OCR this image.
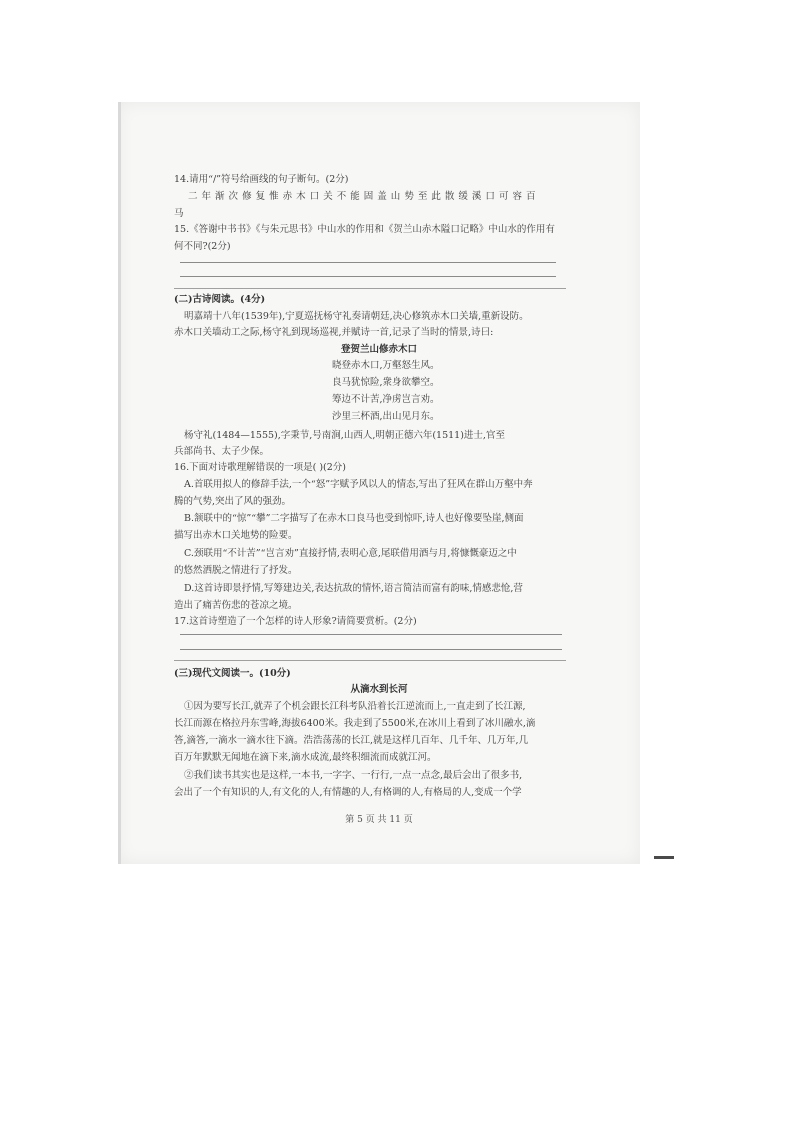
14.请用“/”符号给画线的句子断句。(2分)
二 年 渐 次 修 复 惟 赤 木 口 关 不 能 固 盖 山 势 至 此 散 缓 溪 口 可 容 百
马
15.《答谢中书书》《与朱元思书》中山水的作用和《贺兰山赤木隘口记略》中山水的作用有
何不同?(2分)
(二)古诗阅读。(4分)
明嘉靖十八年(1539年),宁夏巡抚杨守礼奏请朝廷,决心修筑赤木口关墙,重新设防。
赤木口关墙动工之际,杨守礼到现场巡视,并赋诗一首,记录了当时的情景,诗曰:
登贺兰山修赤木口
晓登赤木口,万壑怒生风。
良马犹惊险,衆身欲攀空。
筹边不计苦,净虏岂言劝。
沙里三杯酒,出山见月东。
杨守礼(1484—1555),字秉节,号南涧,山西人,明朝正德六年(1511)进士,官至
兵部尚书、太子少保。
16.下面对诗歌理解错误的一项是( )(2分)
A.首联用拟人的修辞手法,一个“怒”字赋予风以人的情态,写出了狂风在群山万壑中奔
腾的气势,突出了风的强劲。
B.颔联中的“惊”“攀”二字描写了在赤木口良马也受到惊吓,诗人也好像要坠崖,侧面
描写出赤木口关地势的险要。
C.颈联用“不计苦”“岂言劝”直接抒情,表明心意,尾联借用酒与月,将慷慨豪迈之中
的悠然洒脱之情进行了抒发。
D.这首诗即景抒情,写筹建边关,表达抗敌的情怀,语言简洁而富有韵味,情感悲怆,营
造出了痛苦伤悲的苍凉之境。
17.这首诗塑造了一个怎样的诗人形象?请简要赏析。(2分)
(三)现代文阅读一。(10分)
从滴水到长河
①因为要写长江,就弄了个机会跟长江科考队沿着长江逆流而上,一直走到了长江源,
长江而源在格拉丹东雪峰,海拔6400米。我走到了5500米,在冰川上看到了冰川融水,滴
答,滴答,一滴水一滴水往下滴。浩浩荡荡的长江,就是这样几百年、几千年、几万年,几
百万年默默无闻地在滴下来,滴水成流,最终积细流而成就江河。
②我们读书其实也是这样,一本书,一字字、一行行,一点一点念,最后会出了很多书,
会出了一个有知识的人,有文化的人,有情趣的人,有格调的人,有格局的人,变成一个学
第 5 页 共 11 页
